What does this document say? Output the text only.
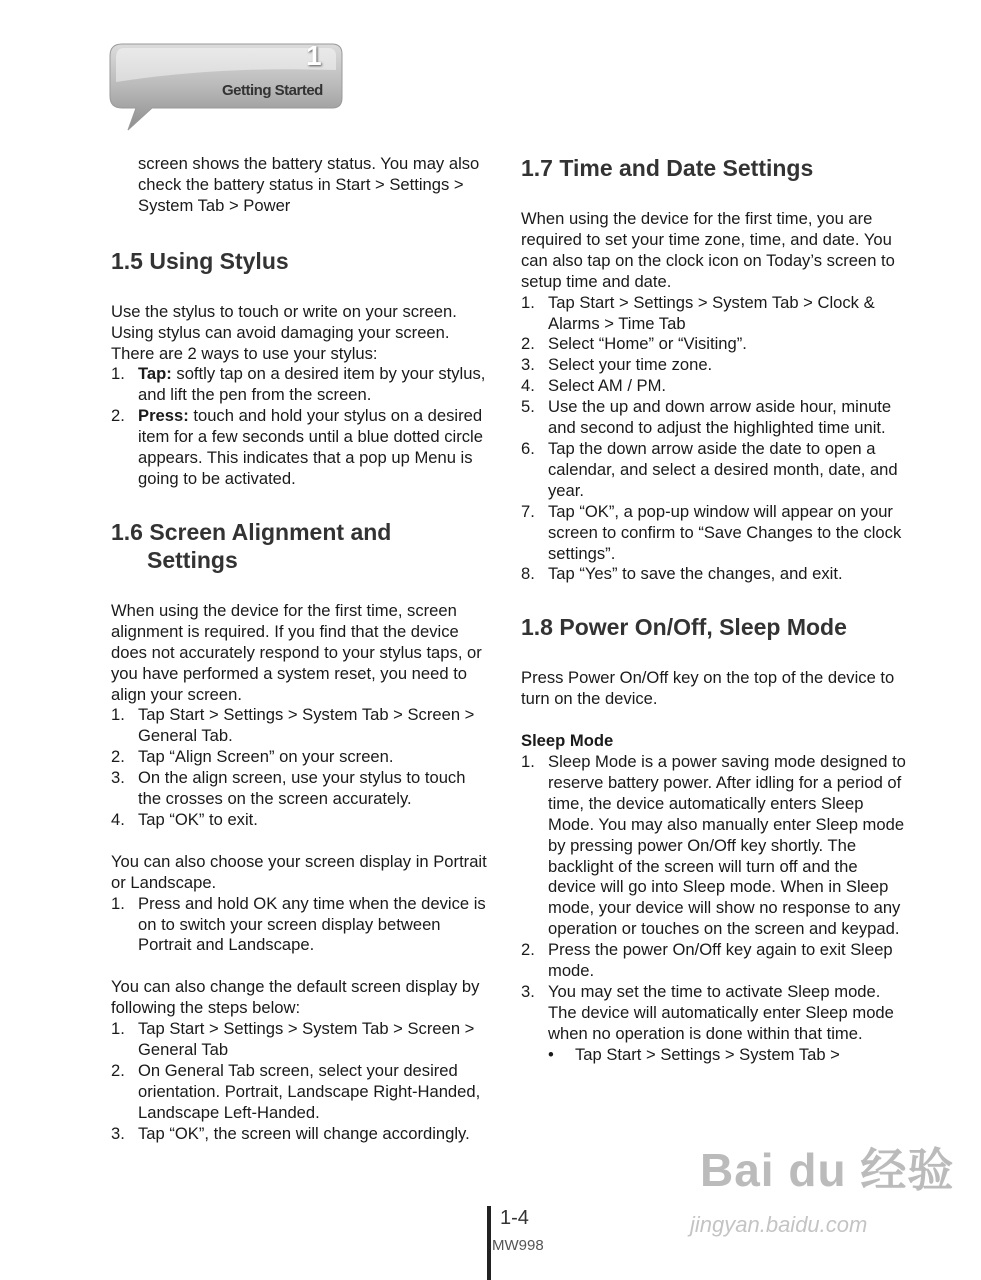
1
Getting Started

screen shows the battery status. You may also check the battery status in Start > Settings > System Tab > Power

1.5 Using Stylus

Use the stylus to touch or write on your screen. Using stylus can avoid damaging your screen. There are 2 ways to use your stylus:

1. Tap: softly tap on a desired item by your stylus, and lift the pen from the screen.
2. Press: touch and hold your stylus on a desired item for a few seconds until a blue dotted circle appears. This indicates that a pop up Menu is going to be activated.
1.6 Screen Alignment and
Settings

When using the device for the first time, screen alignment is required. If you find that the device does not accurately respond to your stylus taps, or you have performed a system reset, you need to align your screen.

1. Tap Start > Settings > System Tab > Screen > General Tab.
2. Tap “Align Screen” on your screen.
3. On the align screen, use your stylus to touch the crosses on the screen accurately.
4. Tap “OK” to exit.

You can also choose your screen display in Portrait or Landscape.

1. Press and hold OK any time when the device is on to switch your screen display between Portrait and Landscape.

You can also change the default screen display by following the steps below:

1. Tap Start > Settings > System Tab > Screen > General Tab
2. On General Tab screen, select your desired orientation. Portrait, Landscape Right-Handed, Landscape Left-Handed.
3. Tap “OK”, the screen will change accordingly.
1.7 Time and Date Settings

When using the device for the first time, you are required to set your time zone, time, and date. You can also tap on the clock icon on Today’s screen to setup time and date.

1. Tap Start > Settings > System Tab > Clock & Alarms > Time Tab
2. Select “Home” or “Visiting”.
3. Select your time zone.
4. Select AM / PM.
5. Use the up and down arrow aside hour, minute and second to adjust the highlighted time unit.
6. Tap the down arrow aside the date to open a calendar, and select a desired month, date, and year.
7. Tap “OK”, a pop-up window will appear on your screen to confirm to “Save Changes to the clock settings”.
8. Tap “Yes” to save the changes, and exit.
1.8 Power On/Off, Sleep Mode

Press Power On/Off key on the top of the device to turn on the device.

Sleep Mode

1. Sleep Mode is a power saving mode designed to reserve battery power. After idling for a period of time, the device automatically enters Sleep Mode. You may also manually enter Sleep mode by pressing power On/Off key shortly. The backlight of the screen will turn off and the device will go into Sleep mode. When in Sleep mode, your device will show no response to any operation or touches on the screen and keypad.
2. Press the power On/Off key again to exit Sleep mode.
3. You may set the time to activate Sleep mode. The device will automatically enter Sleep mode when no operation is done within that time.
• Tap Start > Settings > System Tab >
1-4
MW998
Bai du 经验
jingyan.baidu.com
